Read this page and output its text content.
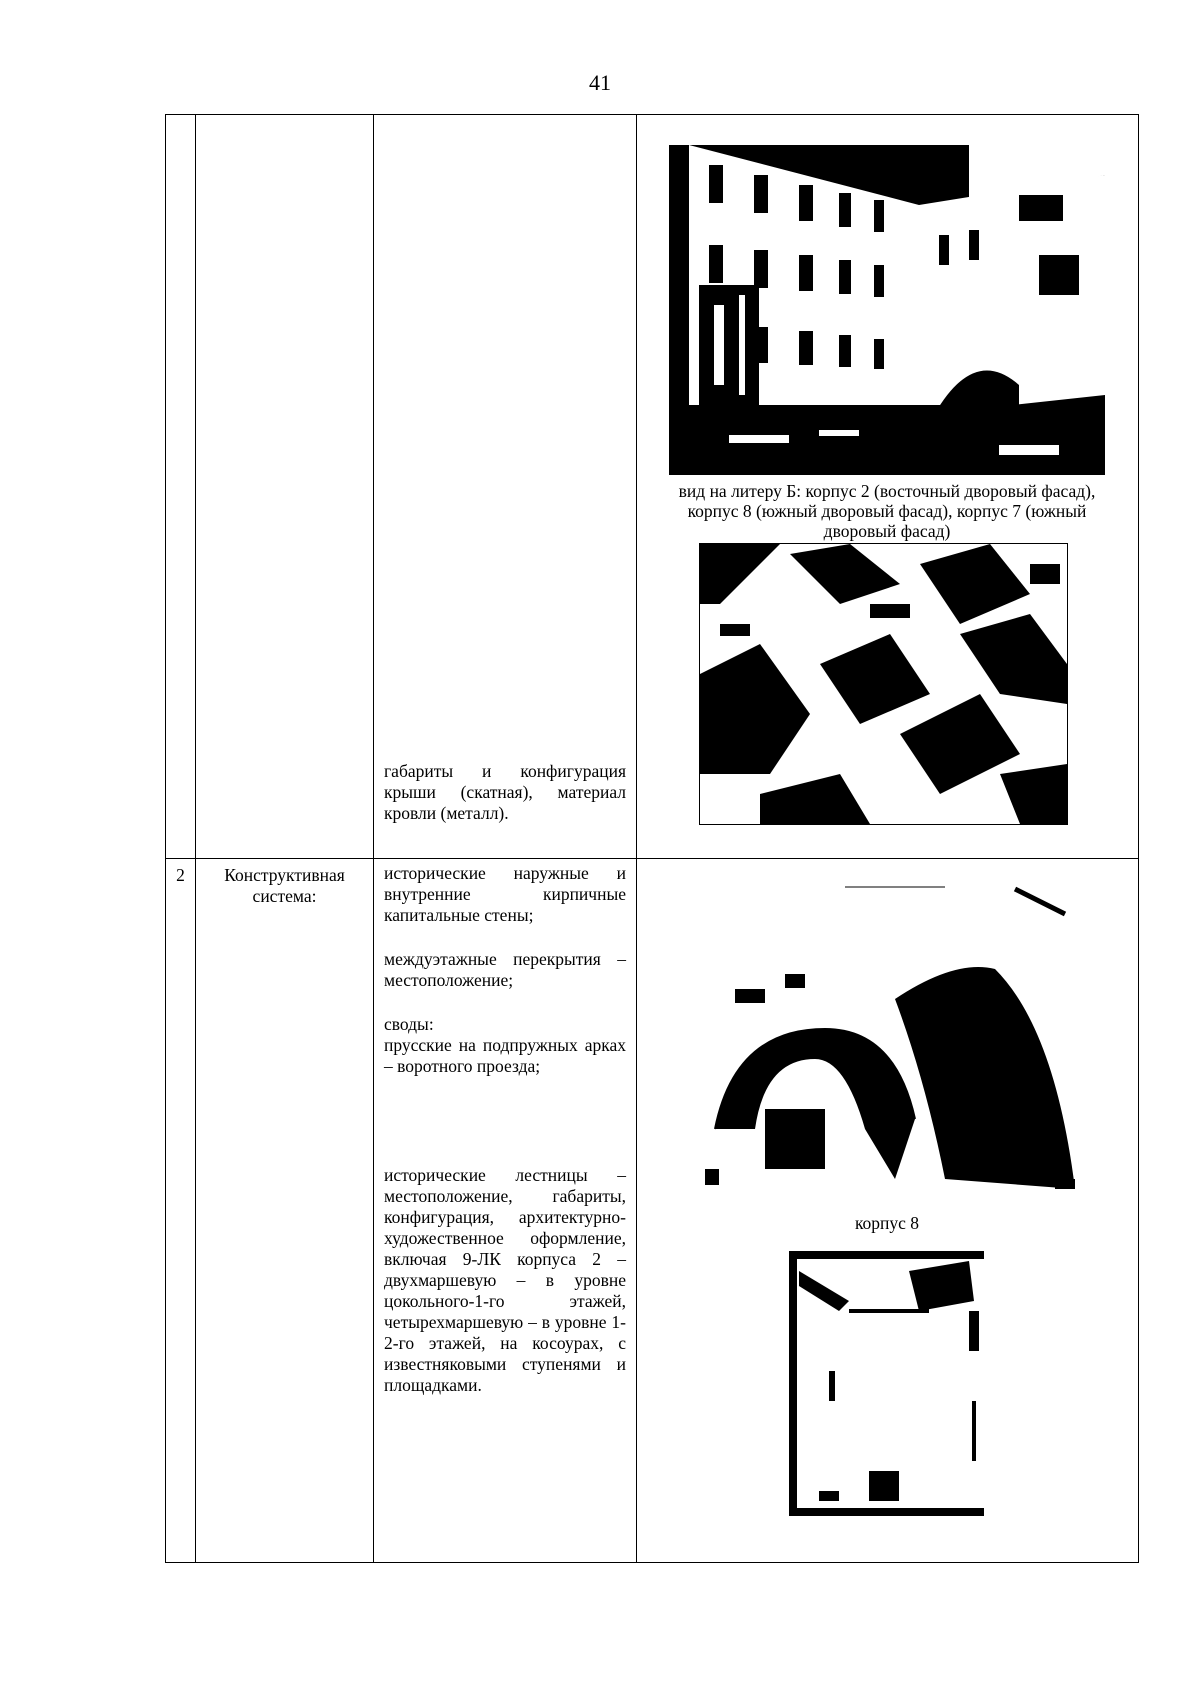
41

		габариты и конфигурация крыши (скатная), материал кровли (металл).	вид на литеру Б: корпус 2 (восточный дворовый фасад), корпус 8 (южный дворовый фасад), корпус 7 (южный дворовый фасад)

2	Конструктивная система:	исторические наружные и внутренние кирпичные капитальные стены;

междуэтажные перекрытия – местоположение;

своды:

прусские на подпружных арках – воротного проезда;

исторические лестницы – местоположение, габариты, конфигурация, архитектурно-художественное оформление, включая 9-ЛК корпуса 2 – двухмаршевую – в уровне цокольного-1-го этажей, четырехмаршевую – в уровне 1-2-го этажей, на косоурах, с известняковыми ступенями и площадками.	корпус 8
